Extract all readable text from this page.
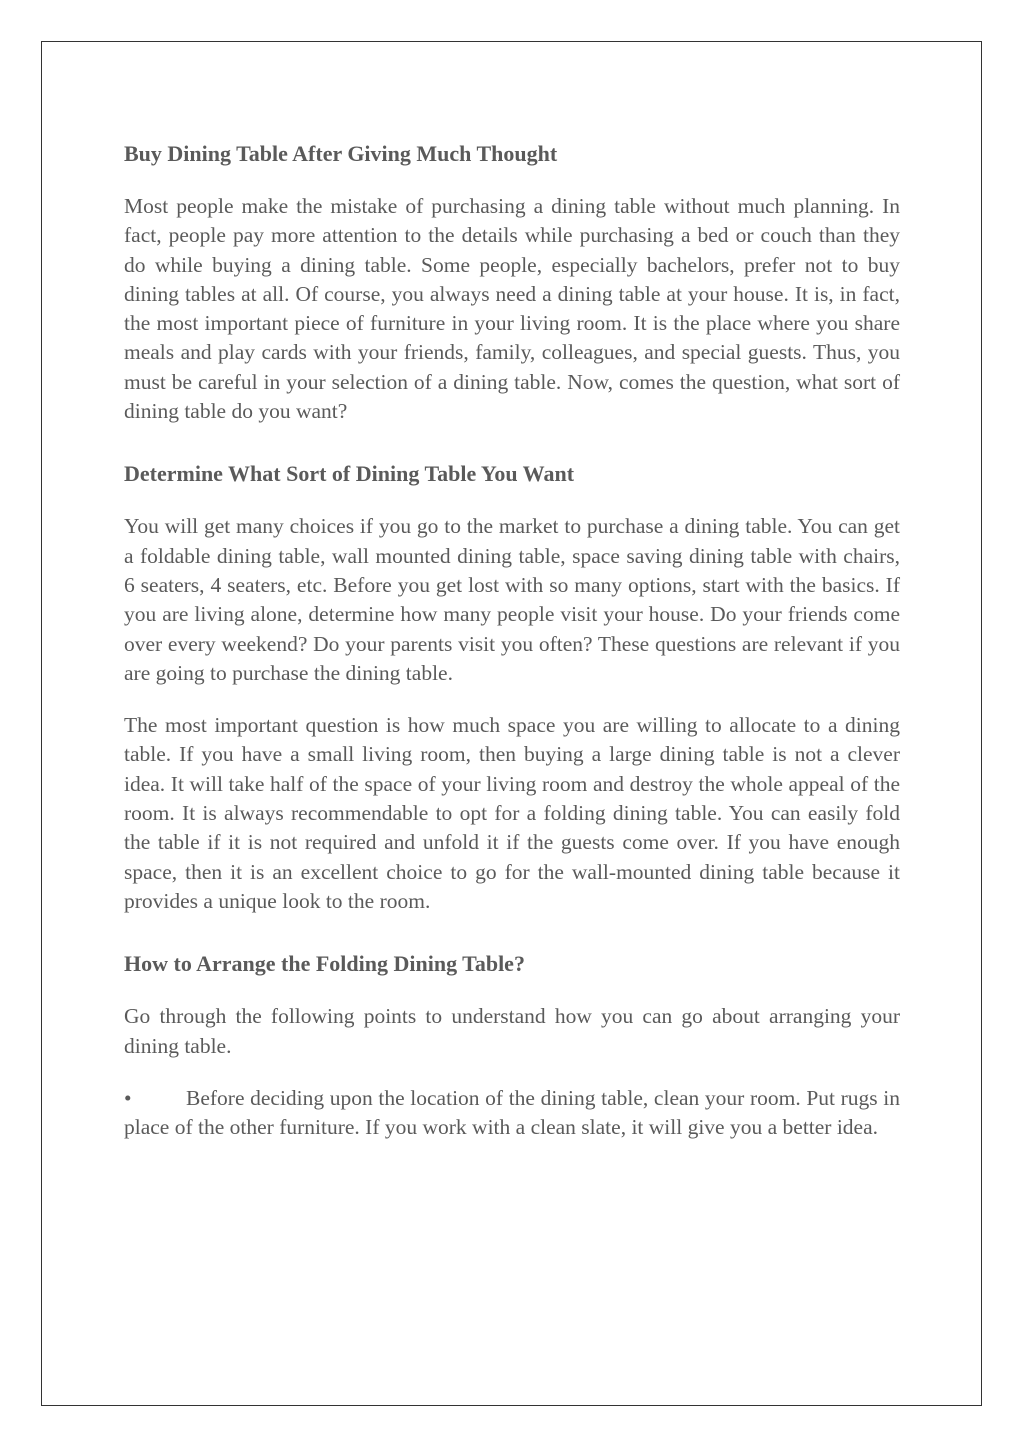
Buy Dining Table After Giving Much Thought

Most people make the mistake of purchasing a dining table without much planning. In fact, people pay more attention to the details while purchasing a bed or couch than they do while buying a dining table. Some people, especially bachelors, prefer not to buy dining tables at all. Of course, you always need a dining table at your house. It is, in fact, the most important piece of furniture in your living room. It is the place where you share meals and play cards with your friends, family, colleagues, and special guests. Thus, you must be careful in your selection of a dining table. Now, comes the question, what sort of dining table do you want?

Determine What Sort of Dining Table You Want

You will get many choices if you go to the market to purchase a dining table. You can get a foldable dining table, wall mounted dining table, space saving dining table with chairs, 6 seaters, 4 seaters, etc. Before you get lost with so many options, start with the basics. If you are living alone, determine how many people visit your house. Do your friends come over every weekend? Do your parents visit you often? These questions are relevant if you are going to purchase the dining table.

The most important question is how much space you are willing to allocate to a dining table. If you have a small living room, then buying a large dining table is not a clever idea. It will take half of the space of your living room and destroy the whole appeal of the room. It is always recommendable to opt for a folding dining table. You can easily fold the table if it is not required and unfold it if the guests come over. If you have enough space, then it is an excellent choice to go for the wall-mounted dining table because it provides a unique look to the room.

How to Arrange the Folding Dining Table?

Go through the following points to understand how you can go about arranging your dining table.

•	Before deciding upon the location of the dining table, clean your room. Put rugs in place of the other furniture. If you work with a clean slate, it will give you a better idea.
